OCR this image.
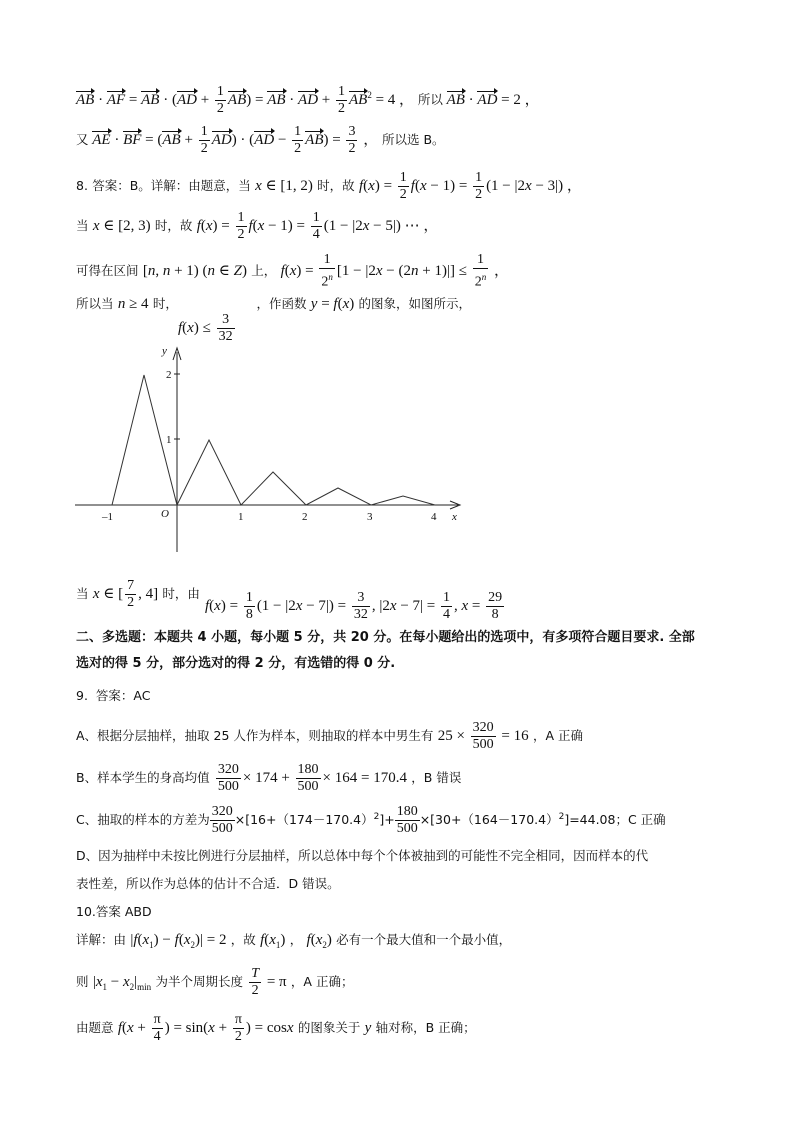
AB · AF = AB · $(AD + \frac{1}{2} AB)$ = AB · AD + $\frac{1}{2} AB^2 = 4$ ， 所以 AB · AD = 2 ，
又 AE · BF = $(AB + \frac{1}{2} AD) \cdot (AD - \frac{1}{2} AB) = \frac{3}{2}$ ， 所以选 B。
8. 答案：B。详解：由题意，当 x ∈ [1, 2) 时，故 $f(x) = \frac{1}{2} f(x - 1) = \frac{1}{2} (1 - |2x - 3|)$ ，
当 x ∈ [2, 3) 时，故 $f(x) = \frac{1}{2} f(x - 1) = \frac{1}{4} (1 - |2x - 5|)$ ⋯ ，
可得在区间 [n, n + 1) (n ∈ Z) 上， $f(x) = \frac{1}{2^n} [1 - |2x - (2n + 1)|] \le \frac{1}{2^n}$ ，
所以当 n ≥ 4 时，	，作函数 y = f(x) 的图象，如图所示，
$f(x) \le \frac{3}{32}$
–1	O	1	2	3	4 x
1
2
y
当 x ∈ [ $\frac{7}{2}$ , 4] 时，由
$f(x) = \frac{1}{8} (1 - |2x - 7|) = \frac{3}{32}$ , $|2x - 7| = \frac{1}{4}$ , $x = \frac{29}{8}$
二、多选题：本题共 4 小题，每小题 5 分，共 20 分。在每小题给出的选项中，有多项符合题目要求. 全部
选对的得 5 分，部分选对的得 2 分，有选错的得 0 分.
9. 答案：AC
A、根据分层抽样，抽取 25 人作为样本，则抽取的样本中男生有 $25 \times \frac{320}{500} = 16$ ，A 正确
B、样本学生的身高均值 $\frac{320}{500} \times 174 + \frac{180}{500} \times 164 = 170.4$ ，B 错误
C、抽取的样本的方差为 $\frac{320}{500} \times[16+(174-170.4)^2]+ \frac{180}{500} \times[30+(164-170.4)^2]=44.08$；C 正确
D、因为抽样中未按比例进行分层抽样，所以总体中每个个体被抽到的可能性不完全相同，因而样本的代
表性差，所以作为总体的估计不合适．D 错误。
10.答案 ABD
详解：由 $|f(x_1) - f(x_2)| = 2$ ，故 $f(x_1)$ ， $f(x_2)$ 必有一个最大值和一个最小值，
则 $|x_1 - x_2|_{min}$ 为半个周期长度 $\frac{T}{2} = \pi$ ，A 正确；
由题意 $f(x + \frac{\pi}{4}$ ) = $\sin(x + \frac{\pi}{2}$ ) = cosx 的图象关于 y 轴对称，B 正确；
